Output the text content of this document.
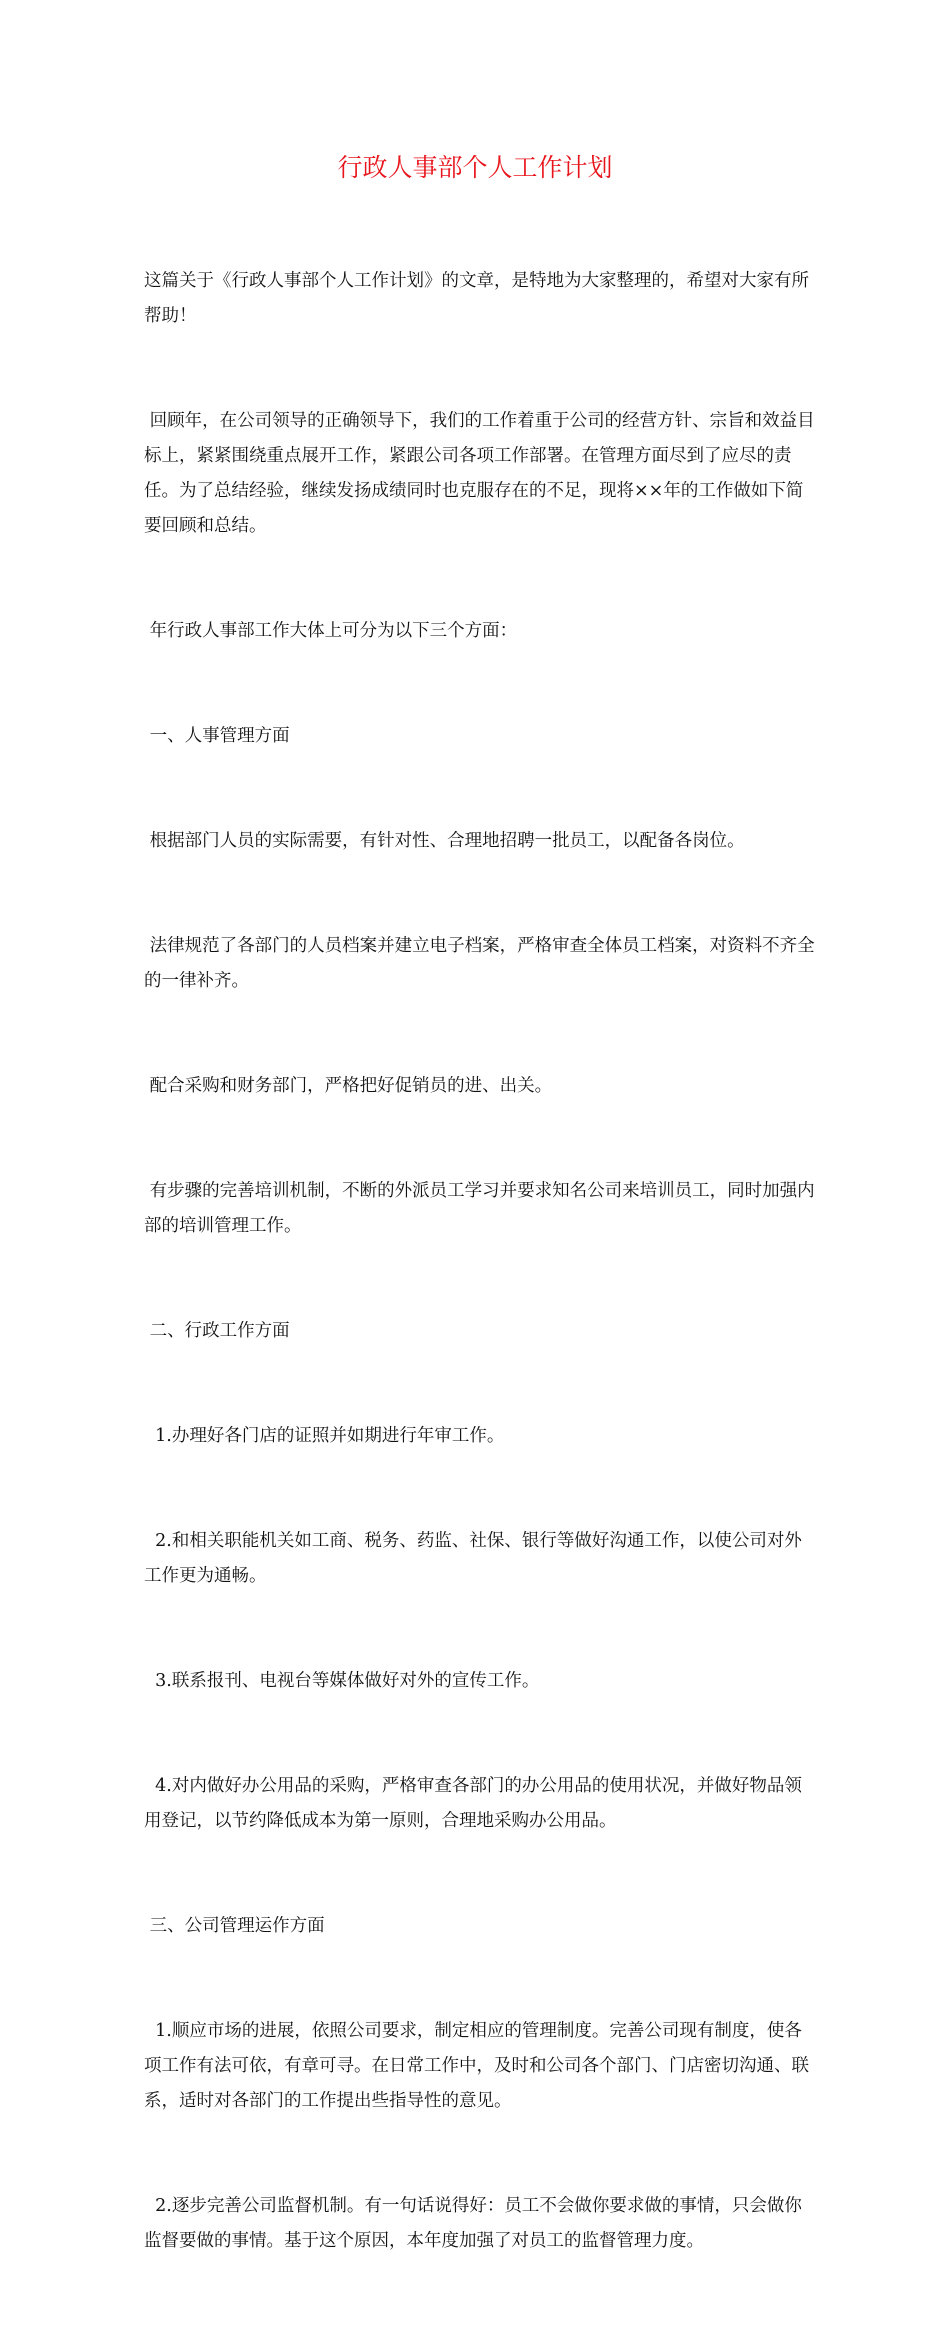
行政人事部个人工作计划

这篇关于《行政人事部个人工作计划》的文章，是特地为大家整理的，希望对大家有所帮助！

回顾年，在公司领导的正确领导下，我们的工作着重于公司的经营方针、宗旨和效益目标上，紧紧围绕重点展开工作，紧跟公司各项工作部署。在管理方面尽到了应尽的责任。为了总结经验，继续发扬成绩同时也克服存在的不足，现将××年的工作做如下简要回顾和总结。

年行政人事部工作大体上可分为以下三个方面：

一、人事管理方面

根据部门人员的实际需要，有针对性、合理地招聘一批员工，以配备各岗位。

法律规范了各部门的人员档案并建立电子档案，严格审查全体员工档案，对资料不齐全的一律补齐。

配合采购和财务部门，严格把好促销员的进、出关。

有步骤的完善培训机制，不断的外派员工学习并要求知名公司来培训员工，同时加强内部的培训管理工作。

二、行政工作方面

1.办理好各门店的证照并如期进行年审工作。

2.和相关职能机关如工商、税务、药监、社保、银行等做好沟通工作，以使公司对外工作更为通畅。

3.联系报刊、电视台等媒体做好对外的宣传工作。

4.对内做好办公用品的采购，严格审查各部门的办公用品的使用状况，并做好物品领用登记，以节约降低成本为第一原则，合理地采购办公用品。

三、公司管理运作方面

1.顺应市场的进展，依照公司要求，制定相应的管理制度。完善公司现有制度，使各项工作有法可依，有章可寻。在日常工作中，及时和公司各个部门、门店密切沟通、联系，适时对各部门的工作提出些指导性的意见。

2.逐步完善公司监督机制。有一句话说得好：员工不会做你要求做的事情，只会做你监督要做的事情。基于这个原因，本年度加强了对员工的监督管理力度。
